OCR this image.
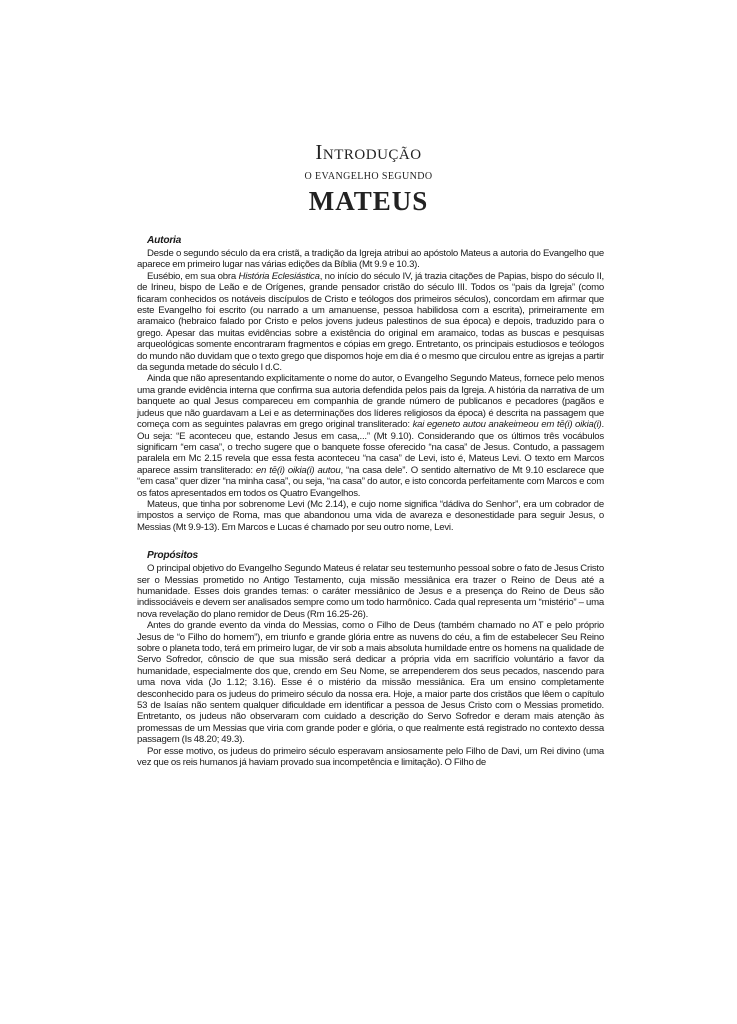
Introdução
O EVANGELHO SEGUNDO
MATEUS
Autoria

Desde o segundo século da era cristã, a tradição da Igreja atribui ao apóstolo Mateus a autoria do Evangelho que aparece em primeiro lugar nas várias edições da Bíblia (Mt 9.9 e 10.3).

Eusébio, em sua obra História Eclesiástica, no início do século IV, já trazia citações de Papias, bispo do século II, de Irineu, bispo de Leão e de Orígenes, grande pensador cristão do século III. Todos os “pais da Igreja” (como ficaram conhecidos os notáveis discípulos de Cristo e teólogos dos primeiros séculos), concordam em afirmar que este Evangelho foi escrito (ou narrado a um amanuense, pessoa habilidosa com a escrita), primeiramente em aramaico (hebraico falado por Cristo e pelos jovens judeus palestinos de sua época) e depois, traduzido para o grego. Apesar das muitas evidências sobre a existência do original em aramaico, todas as buscas e pesquisas arqueológicas somente encontraram fragmentos e cópias em grego. Entretanto, os principais estudiosos e teólogos do mundo não duvidam que o texto grego que dispomos hoje em dia é o mesmo que circulou entre as igrejas a partir da segunda metade do século I d.C.

Ainda que não apresentando explicitamente o nome do autor, o Evangelho Segundo Mateus, fornece pelo menos uma grande evidência interna que confirma sua autoria defendida pelos pais da Igreja. A história da narrativa de um banquete ao qual Jesus compareceu em companhia de grande número de publicanos e pecadores (pagãos e judeus que não guardavam a Lei e as determinações dos líderes religiosos da época) é descrita na passagem que começa com as seguintes palavras em grego original transliterado: kai egeneto autou anakeimeou em tē(i) oikia(i). Ou seja: “E aconteceu que, estando Jesus em casa,...” (Mt 9.10). Considerando que os últimos três vocábulos significam “em casa”, o trecho sugere que o banquete fosse oferecido “na casa” de Jesus. Contudo, a passagem paralela em Mc 2.15 revela que essa festa aconteceu “na casa” de Levi, isto é, Mateus Levi. O texto em Marcos aparece assim transliterado: en tē(i) oikia(i) autou, “na casa dele”. O sentido alternativo de Mt 9.10 esclarece que “em casa” quer dizer “na minha casa”, ou seja, “na casa” do autor, e isto concorda perfeitamente com Marcos e com os fatos apresentados em todos os Quatro Evangelhos.

Mateus, que tinha por sobrenome Levi (Mc 2.14), e cujo nome significa “dádiva do Senhor”, era um cobrador de impostos a serviço de Roma, mas que abandonou uma vida de avareza e desonestidade para seguir Jesus, o Messias (Mt 9.9-13). Em Marcos e Lucas é chamado por seu outro nome, Levi.

Propósitos

O principal objetivo do Evangelho Segundo Mateus é relatar seu testemunho pessoal sobre o fato de Jesus Cristo ser o Messias prometido no Antigo Testamento, cuja missão messiânica era trazer o Reino de Deus até a humanidade. Esses dois grandes temas: o caráter messiânico de Jesus e a presença do Reino de Deus são indissociáveis e devem ser analisados sempre como um todo harmônico. Cada qual representa um “mistério” – uma nova revelação do plano remidor de Deus (Rm 16.25-26).

Antes do grande evento da vinda do Messias, como o Filho de Deus (também chamado no AT e pelo próprio Jesus de “o Filho do homem”), em triunfo e grande glória entre as nuvens do céu, a fim de estabelecer Seu Reino sobre o planeta todo, terá em primeiro lugar, de vir sob a mais absoluta humildade entre os homens na qualidade de Servo Sofredor, cônscio de que sua missão será dedicar a própria vida em sacrifício voluntário a favor da humanidade, especialmente dos que, crendo em Seu Nome, se arrependerem dos seus pecados, nascendo para uma nova vida (Jo 1.12; 3.16). Esse é o mistério da missão messiânica. Era um ensino completamente desconhecido para os judeus do primeiro século da nossa era. Hoje, a maior parte dos cristãos que lêem o capítulo 53 de Isaías não sentem qualquer dificuldade em identificar a pessoa de Jesus Cristo com o Messias prometido. Entretanto, os judeus não observaram com cuidado a descrição do Servo Sofredor e deram mais atenção às promessas de um Messias que viria com grande poder e glória, o que realmente está registrado no contexto dessa passagem (Is 48.20; 49.3).

Por esse motivo, os judeus do primeiro século esperavam ansiosamente pelo Filho de Davi, um Rei divino (uma vez que os reis humanos já haviam provado sua incompetência e limitação). O Filho de
